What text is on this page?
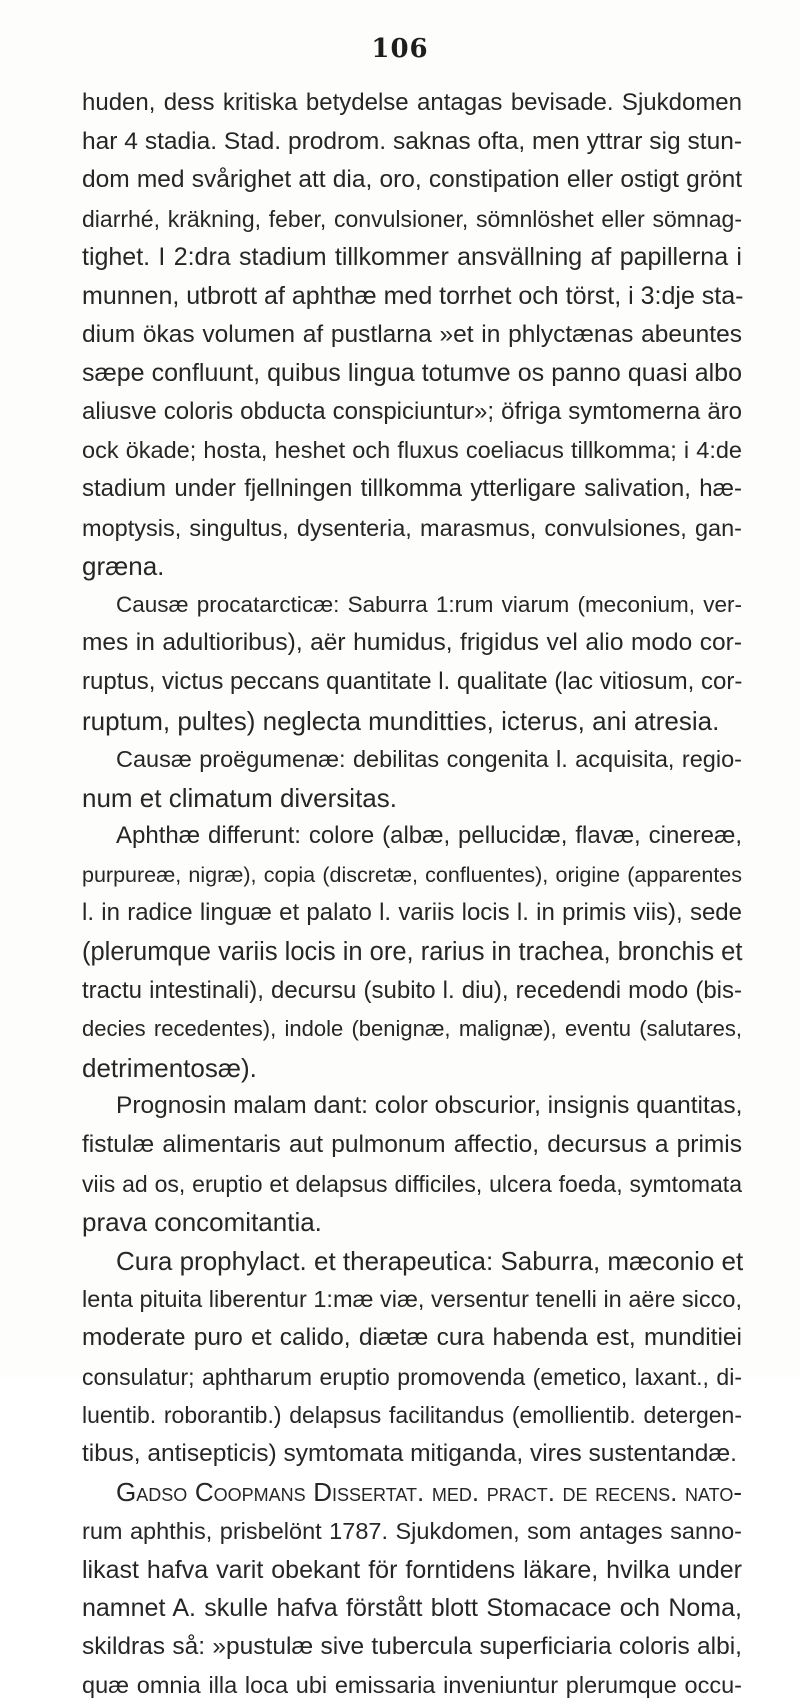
106
huden, dess kritiska betydelse antagas bevisade. Sjukdomen
har 4 stadia. Stad. prodrom. saknas ofta, men yttrar sig stun-
dom med svårighet att dia, oro, constipation eller ostigt grönt
diarrhé, kräkning, feber, convulsioner, sömnlöshet eller sömnag-
tighet. I 2:dra stadium tillkommer ansvällning af papillerna i
munnen, utbrott af aphthæ med torrhet och törst, i 3:dje sta-
dium ökas volumen af pustlarna »et in phlyctænas abeuntes
sæpe confluunt, quibus lingua totumve os panno quasi albo
aliusve coloris obducta conspiciuntur»; öfriga symtomerna äro
ock ökade; hosta, heshet och fluxus coeliacus tillkomma; i 4:de
stadium under fjellningen tillkomma ytterligare salivation, hæ-
moptysis, singultus, dysenteria, marasmus, convulsiones, gan-
græna.
Causæ procatarcticæ: Saburra 1:rum viarum (meconium, ver-
mes in adultioribus), aër humidus, frigidus vel alio modo cor-
ruptus, victus peccans quantitate l. qualitate (lac vitiosum, cor-
ruptum, pultes) neglecta munditties, icterus, ani atresia.
Causæ proëgumenæ: debilitas congenita l. acquisita, regio-
num et climatum diversitas.
Aphthæ differunt: colore (albæ, pellucidæ, flavæ, cinereæ,
purpureæ, nigræ), copia (discretæ, confluentes), origine (apparentes
l. in radice linguæ et palato l. variis locis l. in primis viis), sede
(plerumque variis locis in ore, rarius in trachea, bronchis et
tractu intestinali), decursu (subito l. diu), recedendi modo (bis-
decies recedentes), indole (benignæ, malignæ), eventu (salutares,
detrimentosæ).
Prognosin malam dant: color obscurior, insignis quantitas,
fistulæ alimentaris aut pulmonum affectio, decursus a primis
viis ad os, eruptio et delapsus difficiles, ulcera foeda, symtomata
prava concomitantia.
Cura prophylact. et therapeutica: Saburra, mæconio et
lenta pituita liberentur 1:mæ viæ, versentur tenelli in aëre sicco,
moderate puro et calido, diætæ cura habenda est, munditiei
consulatur; aphtharum eruptio promovenda (emetico, laxant., di-
luentib. roborantib.) delapsus facilitandus (emollientib. detergen-
tibus, antisepticis) symtomata mitiganda, vires sustentandæ.
Gadso Coopmans Dissertat. med. pract. de recens. nato-
rum aphthis, prisbelönt 1787. Sjukdomen, som antages sanno-
likast hafva varit obekant för forntidens läkare, hvilka under
namnet A. skulle hafva förstått blott Stomacace och Noma,
skildras så: »pustulæ sive tubercula superficiaria coloris albi,
quæ omnia illa loca ubi emissaria inveniuntur plerumque occu-
